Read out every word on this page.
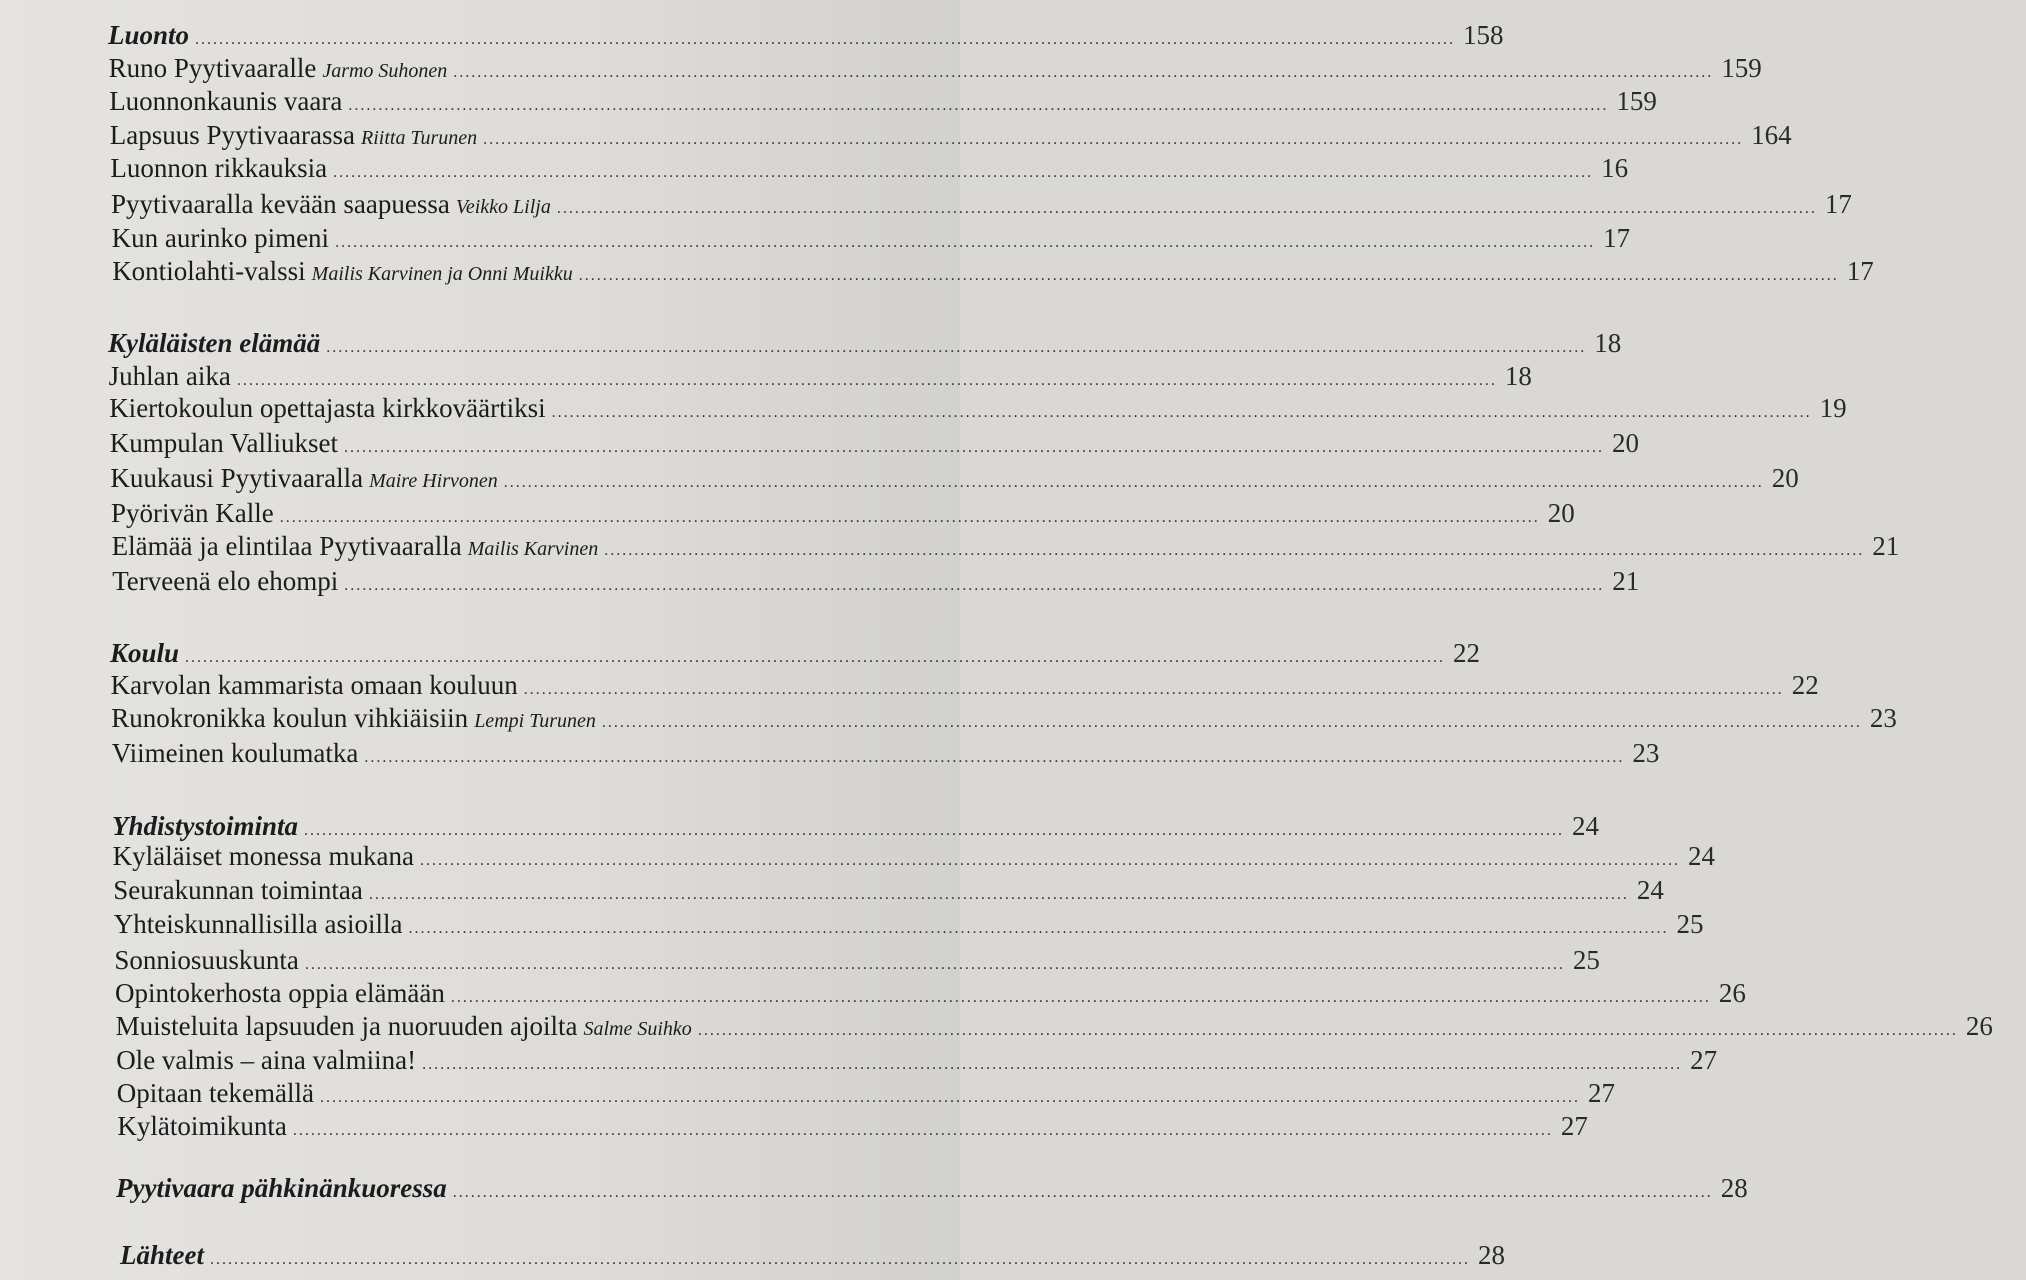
Luonto .....	158
Runo Pyytivaaralle Jarmo Suhonen .....	159
Luonnonkaunis vaara .....	159
Lapsuus Pyytivaarassa Riitta Turunen .....	164
Luonnon rikkauksia .....	16
Pyytivaaralla kevään saapuessa Veikko Lilja .....	17
Kun aurinko pimeni .....	17
Kontiolahti-valssi Mailis Karvinen ja Onni Muikku .....	17
Kyläläisten elämää .....	18
Juhlan aika .....	18
Kiertokoulun opettajasta kirkkoväärtiksi .....	19
Kumpulan Valliukset .....	20
Kuukausi Pyytivaaralla Maire Hirvonen .....	20
Pyörivän Kalle .....	20
Elämää ja elintilaa Pyytivaaralla Mailis Karvinen .....	21
Terveenä elo ehompi .....	21
Koulu .....	22
Karvolan kammarista omaan kouluun .....	22
Runokronikka koulun vihkiäisiin Lempi Turunen .....	23
Viimeinen koulumatka .....	23
Yhdistystoiminta .....	24
Kyläläiset monessa mukana .....	24
Seurakunnan toimintaa .....	24
Yhteiskunnallisilla asioilla .....	25
Sonniosuuskunta .....	25
Opintokerhosta oppia elämään .....	26
Muisteluita lapsuuden ja nuoruuden ajoilta Salme Suihko .....	26
Ole valmis – aina valmiina! .....	27
Opitaan tekemällä .....	27
Kylätoimikunta .....	27
Pyytivaara pähkinänkuoressa .....	28
Lähteet .....	28
